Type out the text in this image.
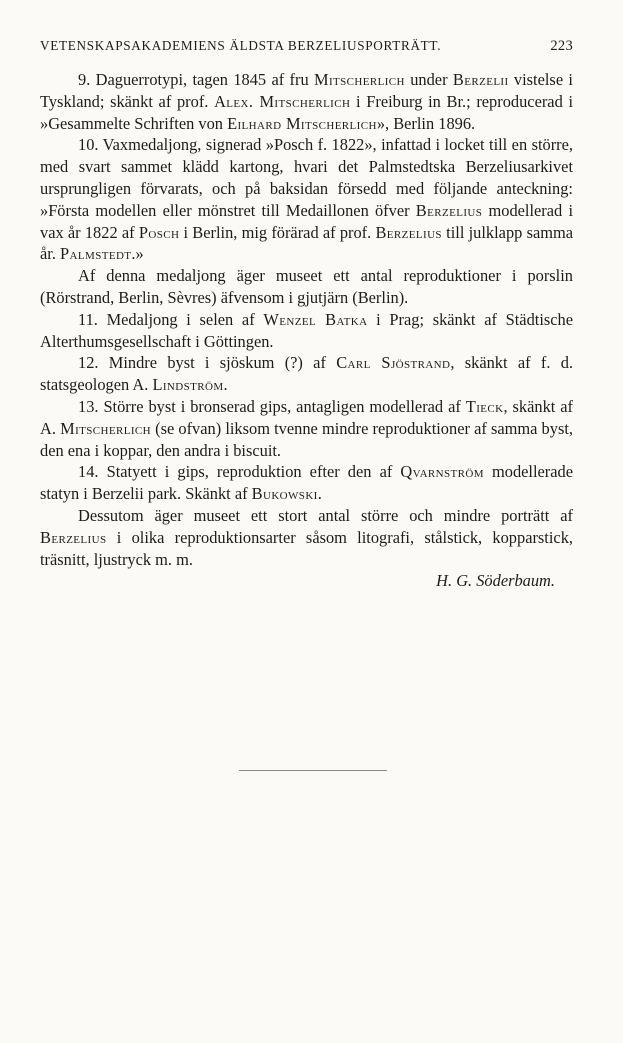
VETENSKAPSAKADEMIENS ÄLDSTA BERZELIUSPORTRÄTT.	223

9. Daguerrotypi, tagen 1845 af fru Mitscherlich under Berzelii vistelse i Tyskland; skänkt af prof. Alex. Mitscherlich i Freiburg in Br.; reproducerad i »Gesammelte Schriften von Eilhard Mitscherlich», Berlin 1896.

10. Vaxmedaljong, signerad »Posch f. 1822», infattad i locket till en större, med svart sammet klädd kartong, hvari det Palmstedtska Berzeliusarkivet ursprungligen förvarats, och på baksidan försedd med följande anteckning: »Första modellen eller mönstret till Medaillonen öfver Berzelius modellerad i vax år 1822 af Posch i Berlin, mig förärad af prof. Berzelius till julklapp samma år. Palmstedt.»

Af denna medaljong äger museet ett antal reproduktioner i porslin (Rörstrand, Berlin, Sèvres) äfvensom i gjutjärn (Berlin).

11. Medaljong i selen af Wenzel Batka i Prag; skänkt af Städtische Alterthumsgesellschaft i Göttingen.

12. Mindre byst i sjöskum (?) af Carl Sjöstrand, skänkt af f. d. statsgeologen A. Lindström.

13. Större byst i bronserad gips, antagligen modellerad af Tieck, skänkt af A. Mitscherlich (se ofvan) liksom tvenne mindre reproduktioner af samma byst, den ena i koppar, den andra i biscuit.

14. Statyett i gips, reproduktion efter den af Qvarnström modellerade statyn i Berzelii park. Skänkt af Bukowski.

Dessutom äger museet ett stort antal större och mindre porträtt af Berzelius i olika reproduktionsarter såsom litografi, stålstick, kopparstick, träsnitt, ljustryck m. m.

H. G. Söderbaum.
